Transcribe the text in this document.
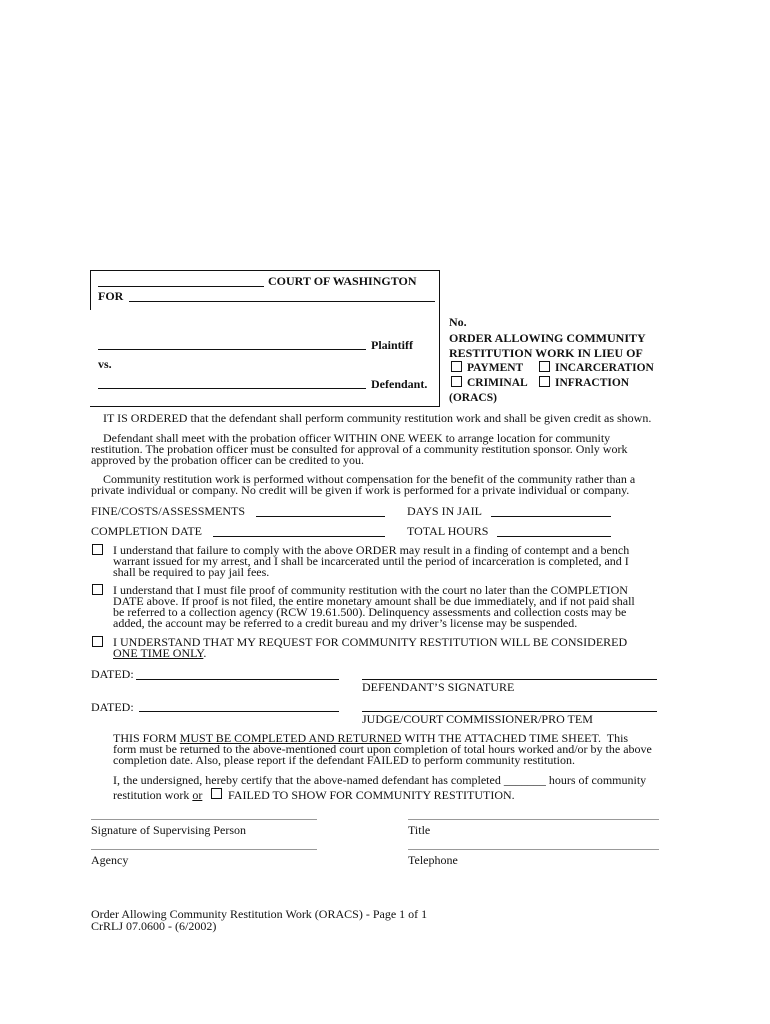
COURT OF WASHINGTON
FOR
Plaintiff
vs.
Defendant.
No.
ORDER ALLOWING COMMUNITY
RESTITUTION WORK IN LIEU OF
PAYMENT	INCARCERATION
CRIMINAL INFRACTION
(ORACS)
IT IS ORDERED that the defendant shall perform community restitution work and shall be given credit as shown.
Defendant shall meet with the probation officer WITHIN ONE WEEK to arrange location for community
restitution. The probation officer must be consulted for approval of a community restitution sponsor. Only work
approved by the probation officer can be credited to you.
Community restitution work is performed without compensation for the benefit of the community rather than a
private individual or company. No credit will be given if work is performed for a private individual or company.
FINE/COSTS/ASSESSMENTS	DAYS IN JAIL
COMPLETION DATE	TOTAL HOURS
I understand that failure to comply with the above ORDER may result in a finding of contempt and a bench
warrant issued for my arrest, and I shall be incarcerated until the period of incarceration is completed, and I
shall be required to pay jail fees.
I understand that I must file proof of community restitution with the court no later than the COMPLETION
DATE above. If proof is not filed, the entire monetary amount shall be due immediately, and if not paid shall
be referred to a collection agency (RCW 19.61.500). Delinquency assessments and collection costs may be
added, the account may be referred to a credit bureau and my driver’s license may be suspended.
I UNDERSTAND THAT MY REQUEST FOR COMMUNITY RESTITUTION WILL BE CONSIDERED
ONE TIME ONLY.
DATED:
DEFENDANT’S SIGNATURE
DATED:
JUDGE/COURT COMMISSIONER/PRO TEM
THIS FORM MUST BE COMPLETED AND RETURNED WITH THE ATTACHED TIME SHEET.  This
form must be returned to the above-mentioned court upon completion of total hours worked and/or by the above
completion date. Also, please report if the defendant FAILED to perform community restitution.
I, the undersigned, hereby certify that the above-named defendant has completed _______ hours of community
restitution work or FAILED TO SHOW FOR COMMUNITY RESTITUTION.
Signature of Supervising Person	Title
Agency	Telephone
Order Allowing Community Restitution Work (ORACS) - Page 1 of 1
CrRLJ 07.0600 - (6/2002)
